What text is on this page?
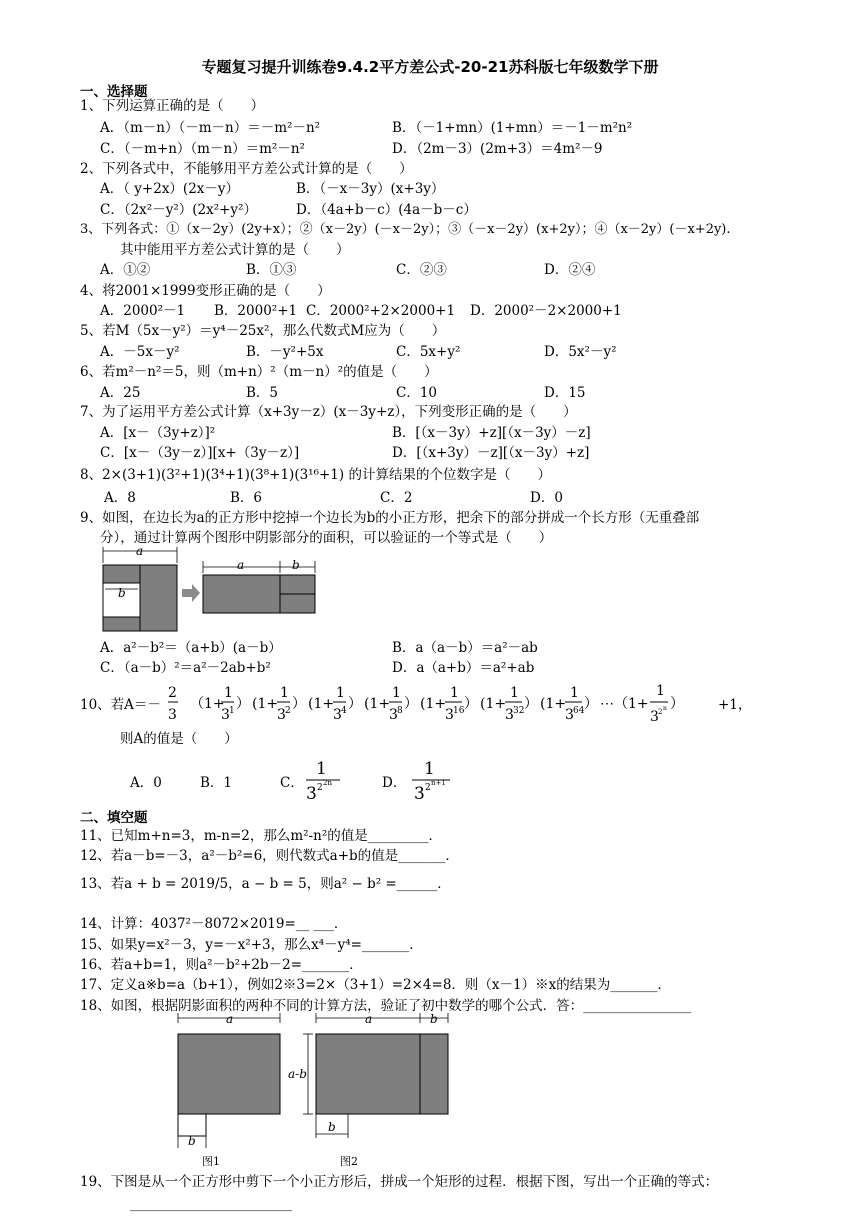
专题复习提升训练卷9.4.2平方差公式-20-21苏科版七年级数学下册
一、选择题
1、下列运算正确的是（　　）
A．（m－n）（－m－n）＝－m²－n²	B．（－1+mn）(1+mn）＝－1－m²n²
C．（－m+n）（m－n）＝m²－n²	D．（2m－3）(2m+3）＝4m²－9
2、下列各式中，不能够用平方差公式计算的是（　　）
A．（ y+2x）(2x－y）	B．（－x－3y）(x+3y）
C．（2x²－y²）(2x²+y²）	D．（4a+b－c）(4a－b－c）
3、下列各式：①（x－2y）(2y+x）；②（x－2y）(－x－2y）；③（－x－2y）(x+2y）；④（x－2y）(－x+2y).
其中能用平方差公式计算的是（　　）
A．①②	B．①③	C．②③	D．②④
4、将2001×1999变形正确的是（　　）
A．2000²－1 B．2000²+1 C．2000²+2×2000+1 D．2000²－2×2000+1
5、若M（5x－y²）＝y⁴－25x²，那么代数式M应为（　　）
A．－5x－y²	B．－y²+5x	C．5x+y²	D．5x²－y²
6、若m²－n²＝5，则（m+n）²（m－n）²的值是（　　）
A．25	B．5	C．10	D．15
7、为了运用平方差公式计算（x+3y－z）(x－3y+z），下列变形正确的是（　　）
A．[x－（3y+z）]²	B．[（x－3y）+z][（x－3y）－z]
C．[x－（3y－z）][x+（3y－z）]	D．[（x+3y）－z][（x－3y）+z]
8、2×(3+1)(3²+1)(3⁴+1)(3⁸+1)(3¹⁶+1) 的计算结果的个位数字是（　　）
A．8	B．6	C．2	D．0
9、如图，在边长为a的正方形中挖掉一个边长为b的小正方形，把余下的部分拼成一个长方形（无重叠部
分），通过计算两个图形中阴影部分的面积，可以验证的一个等式是（　　）
a
b
a	b
A．a²－b²＝（a+b）(a－b）	B．a（a－b）＝a²－ab
C．（a－b）²＝a²－2ab+b²	D．a（a+b）＝a²+ab
10、若A＝－
2
3
（1+
1
3 1 ） (1+
1
3 2 ） (1+
1
3 4 ） (1+
1
3 8 ） (1+
1
3 16 ） (1+
1
3 32 ） (1+
1
3 64 ） ⋯（1+
1
3 2 n ）	+1，
则A的值是（　　）
A．0	B．1	C．
1
3 2 2n	D．
1
3 2 n+1
二、填空题
11、已知m+n=3，m-n=2，那么m²-n²的值是_________．
12、若a－b=－3，a²－b²=6，则代数式a+b的值是_______．
13、若a + b = 2019/5，a − b = 5，则a² − b² =______．
14、计算：4037²－8072×2019=__ ___．
15、如果y=x²－3，y=－x²+3，那么x⁴－y⁴=_______．
16、若a+b=1，则a²－b²+2b－2=_______．
17、定义a※b=a（b+1），例如2※3=2×（3+1）=2×4=8．则（x－1）※x的结果为_______．
18、如图，根据阴影面积的两种不同的计算方法，验证了初中数学的哪个公式．答：________________
a
b
a	b
a-b
b
图1	图2
19、下图是从一个正方形中剪下一个小正方形后，拼成一个矩形的过程．根据下图，写出一个正确的等式：
________________________
